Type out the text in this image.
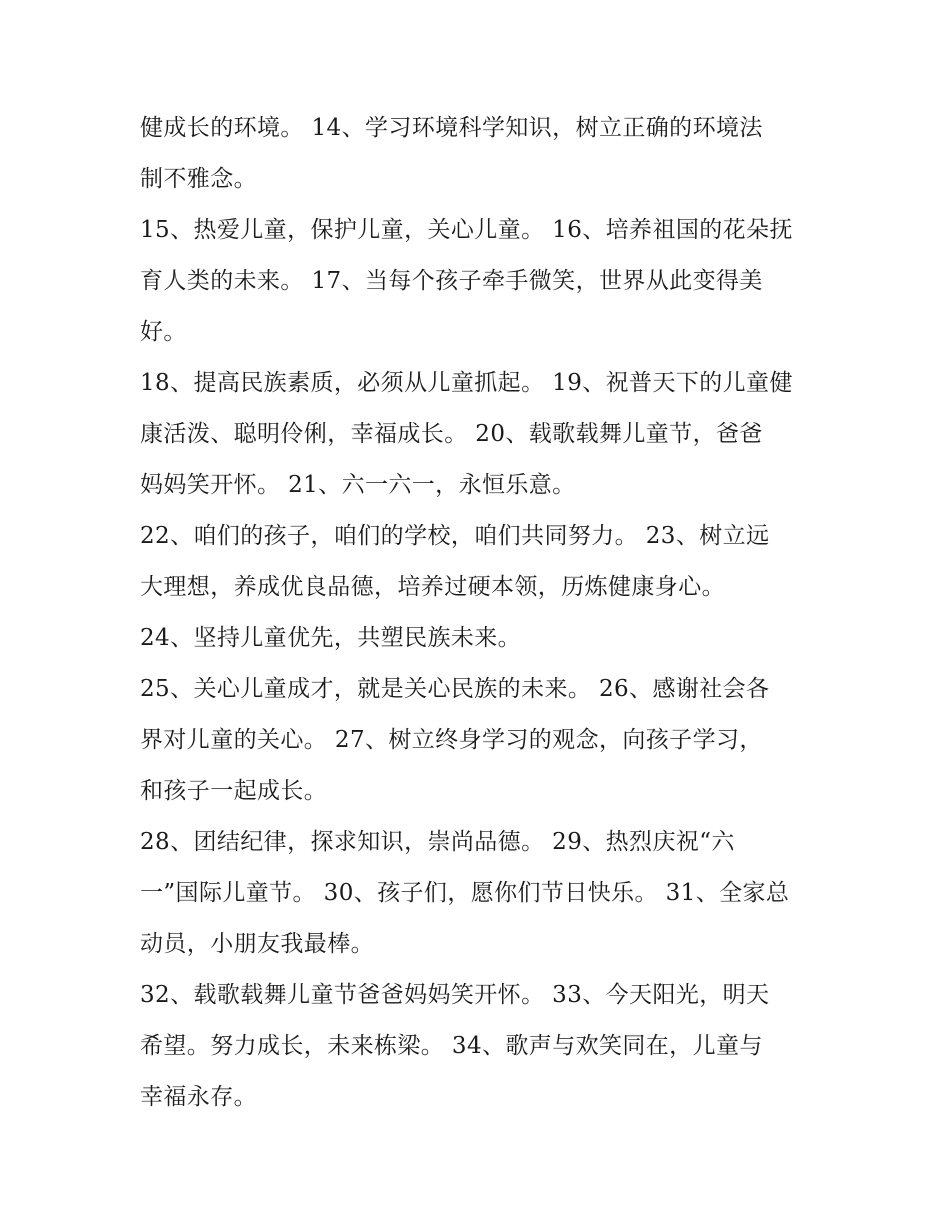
健成长的环境。 14、学习环境科学知识，树立正确的环境法
制不雅念。
15、热爱儿童，保护儿童，关心儿童。 16、培养祖国的花朵抚
育人类的未来。 17、当每个孩子牵手微笑，世界从此变得美
好。
18、提高民族素质，必须从儿童抓起。 19、祝普天下的儿童健
康活泼、聪明伶俐，幸福成长。 20、载歌载舞儿童节，爸爸
妈妈笑开怀。 21、六一六一，永恒乐意。
22、咱们的孩子，咱们的学校，咱们共同努力。 23、树立远
大理想，养成优良品德，培养过硬本领，历炼健康身心。
24、坚持儿童优先，共塑民族未来。
25、关心儿童成才，就是关心民族的未来。 26、感谢社会各
界对儿童的关心。 27、树立终身学习的观念，向孩子学习，
和孩子一起成长。
28、团结纪律，探求知识，崇尚品德。 29、热烈庆祝“六
一”国际儿童节。 30、孩子们，愿你们节日快乐。 31、全家总
动员，小朋友我最棒。
32、载歌载舞儿童节爸爸妈妈笑开怀。 33、今天阳光，明天
希望。努力成长，未来栋梁。 34、歌声与欢笑同在，儿童与
幸福永存。
